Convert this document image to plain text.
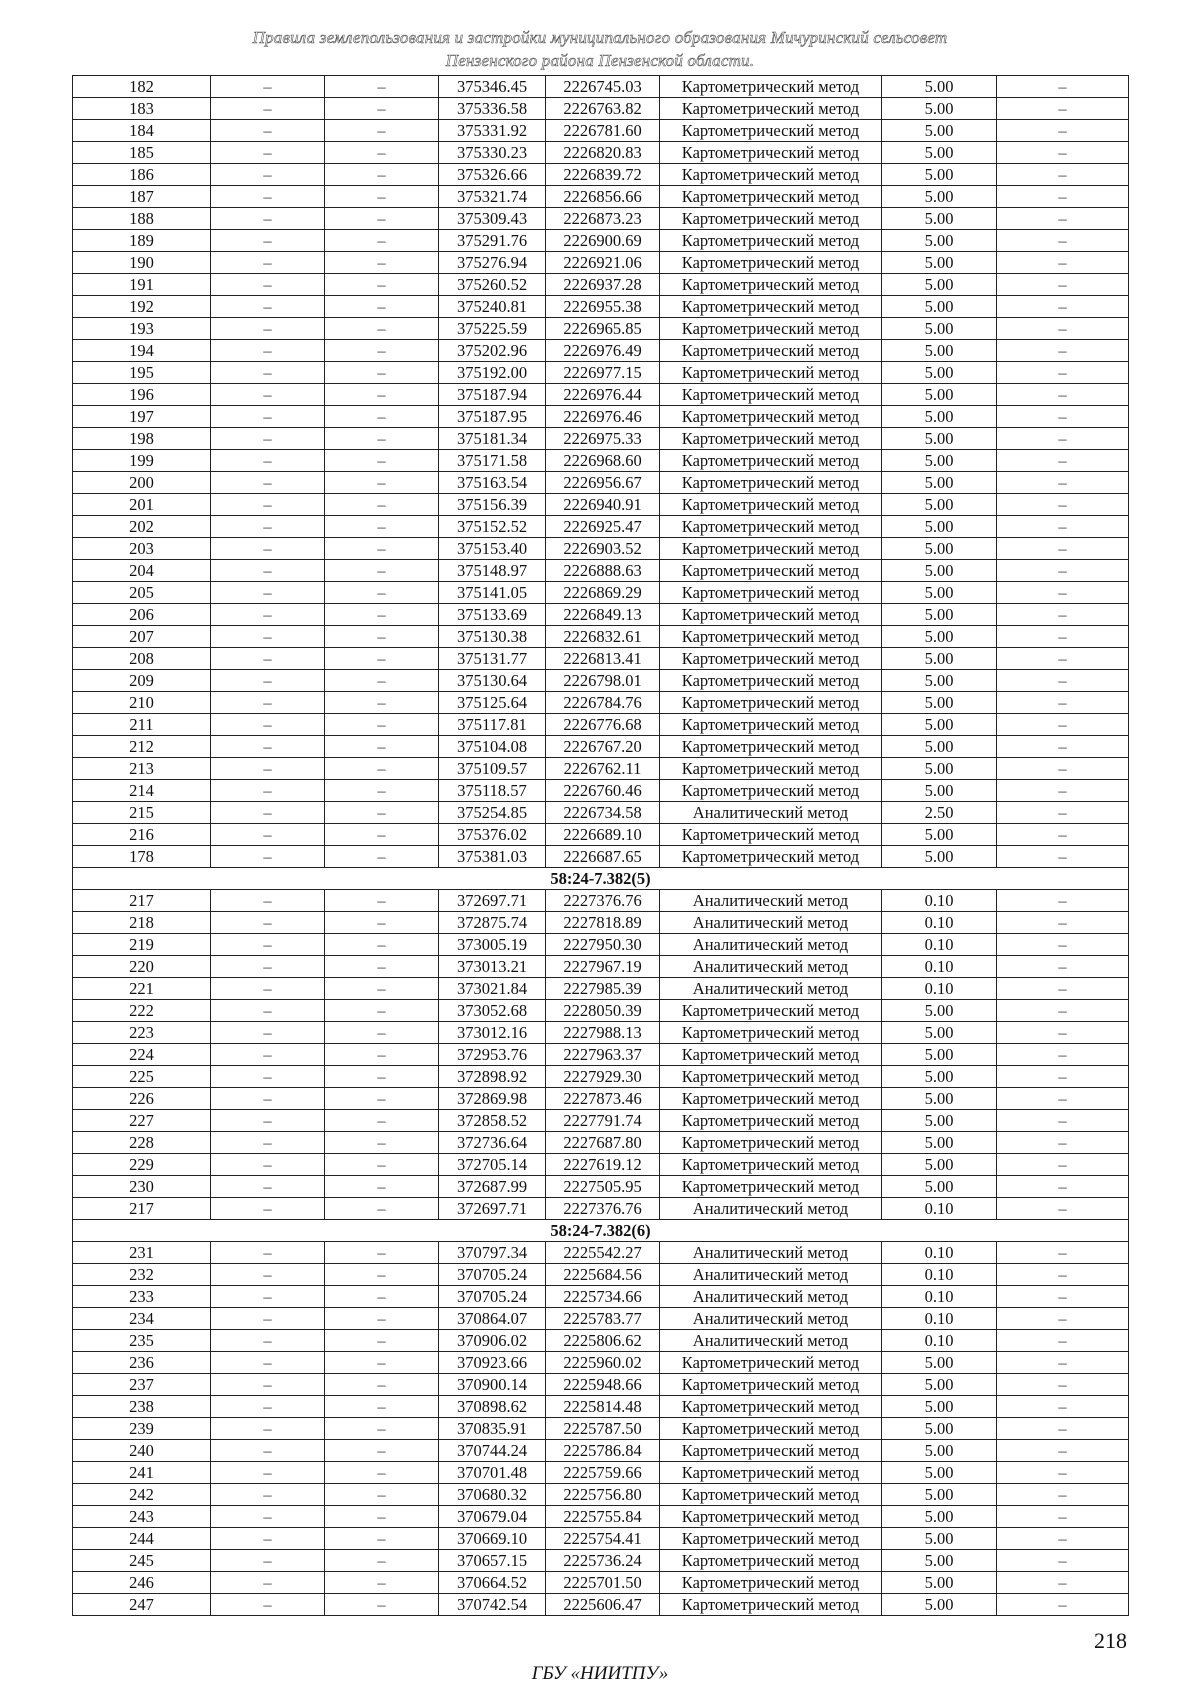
Правила землепользования и застройки муниципального образования Мичуринский сельсовет
Пензенского района Пензенской области.
182	–	–	375346.45	2226745.03	Картометрический метод	5.00	–
183	–	–	375336.58	2226763.82	Картометрический метод	5.00	–
184	–	–	375331.92	2226781.60	Картометрический метод	5.00	–
185	–	–	375330.23	2226820.83	Картометрический метод	5.00	–
186	–	–	375326.66	2226839.72	Картометрический метод	5.00	–
187	–	–	375321.74	2226856.66	Картометрический метод	5.00	–
188	–	–	375309.43	2226873.23	Картометрический метод	5.00	–
189	–	–	375291.76	2226900.69	Картометрический метод	5.00	–
190	–	–	375276.94	2226921.06	Картометрический метод	5.00	–
191	–	–	375260.52	2226937.28	Картометрический метод	5.00	–
192	–	–	375240.81	2226955.38	Картометрический метод	5.00	–
193	–	–	375225.59	2226965.85	Картометрический метод	5.00	–
194	–	–	375202.96	2226976.49	Картометрический метод	5.00	–
195	–	–	375192.00	2226977.15	Картометрический метод	5.00	–
196	–	–	375187.94	2226976.44	Картометрический метод	5.00	–
197	–	–	375187.95	2226976.46	Картометрический метод	5.00	–
198	–	–	375181.34	2226975.33	Картометрический метод	5.00	–
199	–	–	375171.58	2226968.60	Картометрический метод	5.00	–
200	–	–	375163.54	2226956.67	Картометрический метод	5.00	–
201	–	–	375156.39	2226940.91	Картометрический метод	5.00	–
202	–	–	375152.52	2226925.47	Картометрический метод	5.00	–
203	–	–	375153.40	2226903.52	Картометрический метод	5.00	–
204	–	–	375148.97	2226888.63	Картометрический метод	5.00	–
205	–	–	375141.05	2226869.29	Картометрический метод	5.00	–
206	–	–	375133.69	2226849.13	Картометрический метод	5.00	–
207	–	–	375130.38	2226832.61	Картометрический метод	5.00	–
208	–	–	375131.77	2226813.41	Картометрический метод	5.00	–
209	–	–	375130.64	2226798.01	Картометрический метод	5.00	–
210	–	–	375125.64	2226784.76	Картометрический метод	5.00	–
211	–	–	375117.81	2226776.68	Картометрический метод	5.00	–
212	–	–	375104.08	2226767.20	Картометрический метод	5.00	–
213	–	–	375109.57	2226762.11	Картометрический метод	5.00	–
214	–	–	375118.57	2226760.46	Картометрический метод	5.00	–
215	–	–	375254.85	2226734.58	Аналитический метод	2.50	–
216	–	–	375376.02	2226689.10	Картометрический метод	5.00	–
178	–	–	375381.03	2226687.65	Картометрический метод	5.00	–
58:24-7.382(5)							
217	–	–	372697.71	2227376.76	Аналитический метод	0.10	–
218	–	–	372875.74	2227818.89	Аналитический метод	0.10	–
219	–	–	373005.19	2227950.30	Аналитический метод	0.10	–
220	–	–	373013.21	2227967.19	Аналитический метод	0.10	–
221	–	–	373021.84	2227985.39	Аналитический метод	0.10	–
222	–	–	373052.68	2228050.39	Картометрический метод	5.00	–
223	–	–	373012.16	2227988.13	Картометрический метод	5.00	–
224	–	–	372953.76	2227963.37	Картометрический метод	5.00	–
225	–	–	372898.92	2227929.30	Картометрический метод	5.00	–
226	–	–	372869.98	2227873.46	Картометрический метод	5.00	–
227	–	–	372858.52	2227791.74	Картометрический метод	5.00	–
228	–	–	372736.64	2227687.80	Картометрический метод	5.00	–
229	–	–	372705.14	2227619.12	Картометрический метод	5.00	–
230	–	–	372687.99	2227505.95	Картометрический метод	5.00	–
217	–	–	372697.71	2227376.76	Аналитический метод	0.10	–
58:24-7.382(6)							
231	–	–	370797.34	2225542.27	Аналитический метод	0.10	–
232	–	–	370705.24	2225684.56	Аналитический метод	0.10	–
233	–	–	370705.24	2225734.66	Аналитический метод	0.10	–
234	–	–	370864.07	2225783.77	Аналитический метод	0.10	–
235	–	–	370906.02	2225806.62	Аналитический метод	0.10	–
236	–	–	370923.66	2225960.02	Картометрический метод	5.00	–
237	–	–	370900.14	2225948.66	Картометрический метод	5.00	–
238	–	–	370898.62	2225814.48	Картометрический метод	5.00	–
239	–	–	370835.91	2225787.50	Картометрический метод	5.00	–
240	–	–	370744.24	2225786.84	Картометрический метод	5.00	–
241	–	–	370701.48	2225759.66	Картометрический метод	5.00	–
242	–	–	370680.32	2225756.80	Картометрический метод	5.00	–
243	–	–	370679.04	2225755.84	Картометрический метод	5.00	–
244	–	–	370669.10	2225754.41	Картометрический метод	5.00	–
245	–	–	370657.15	2225736.24	Картометрический метод	5.00	–
246	–	–	370664.52	2225701.50	Картометрический метод	5.00	–
247	–	–	370742.54	2225606.47	Картометрический метод	5.00	–
218
ГБУ «НИИТПУ»
